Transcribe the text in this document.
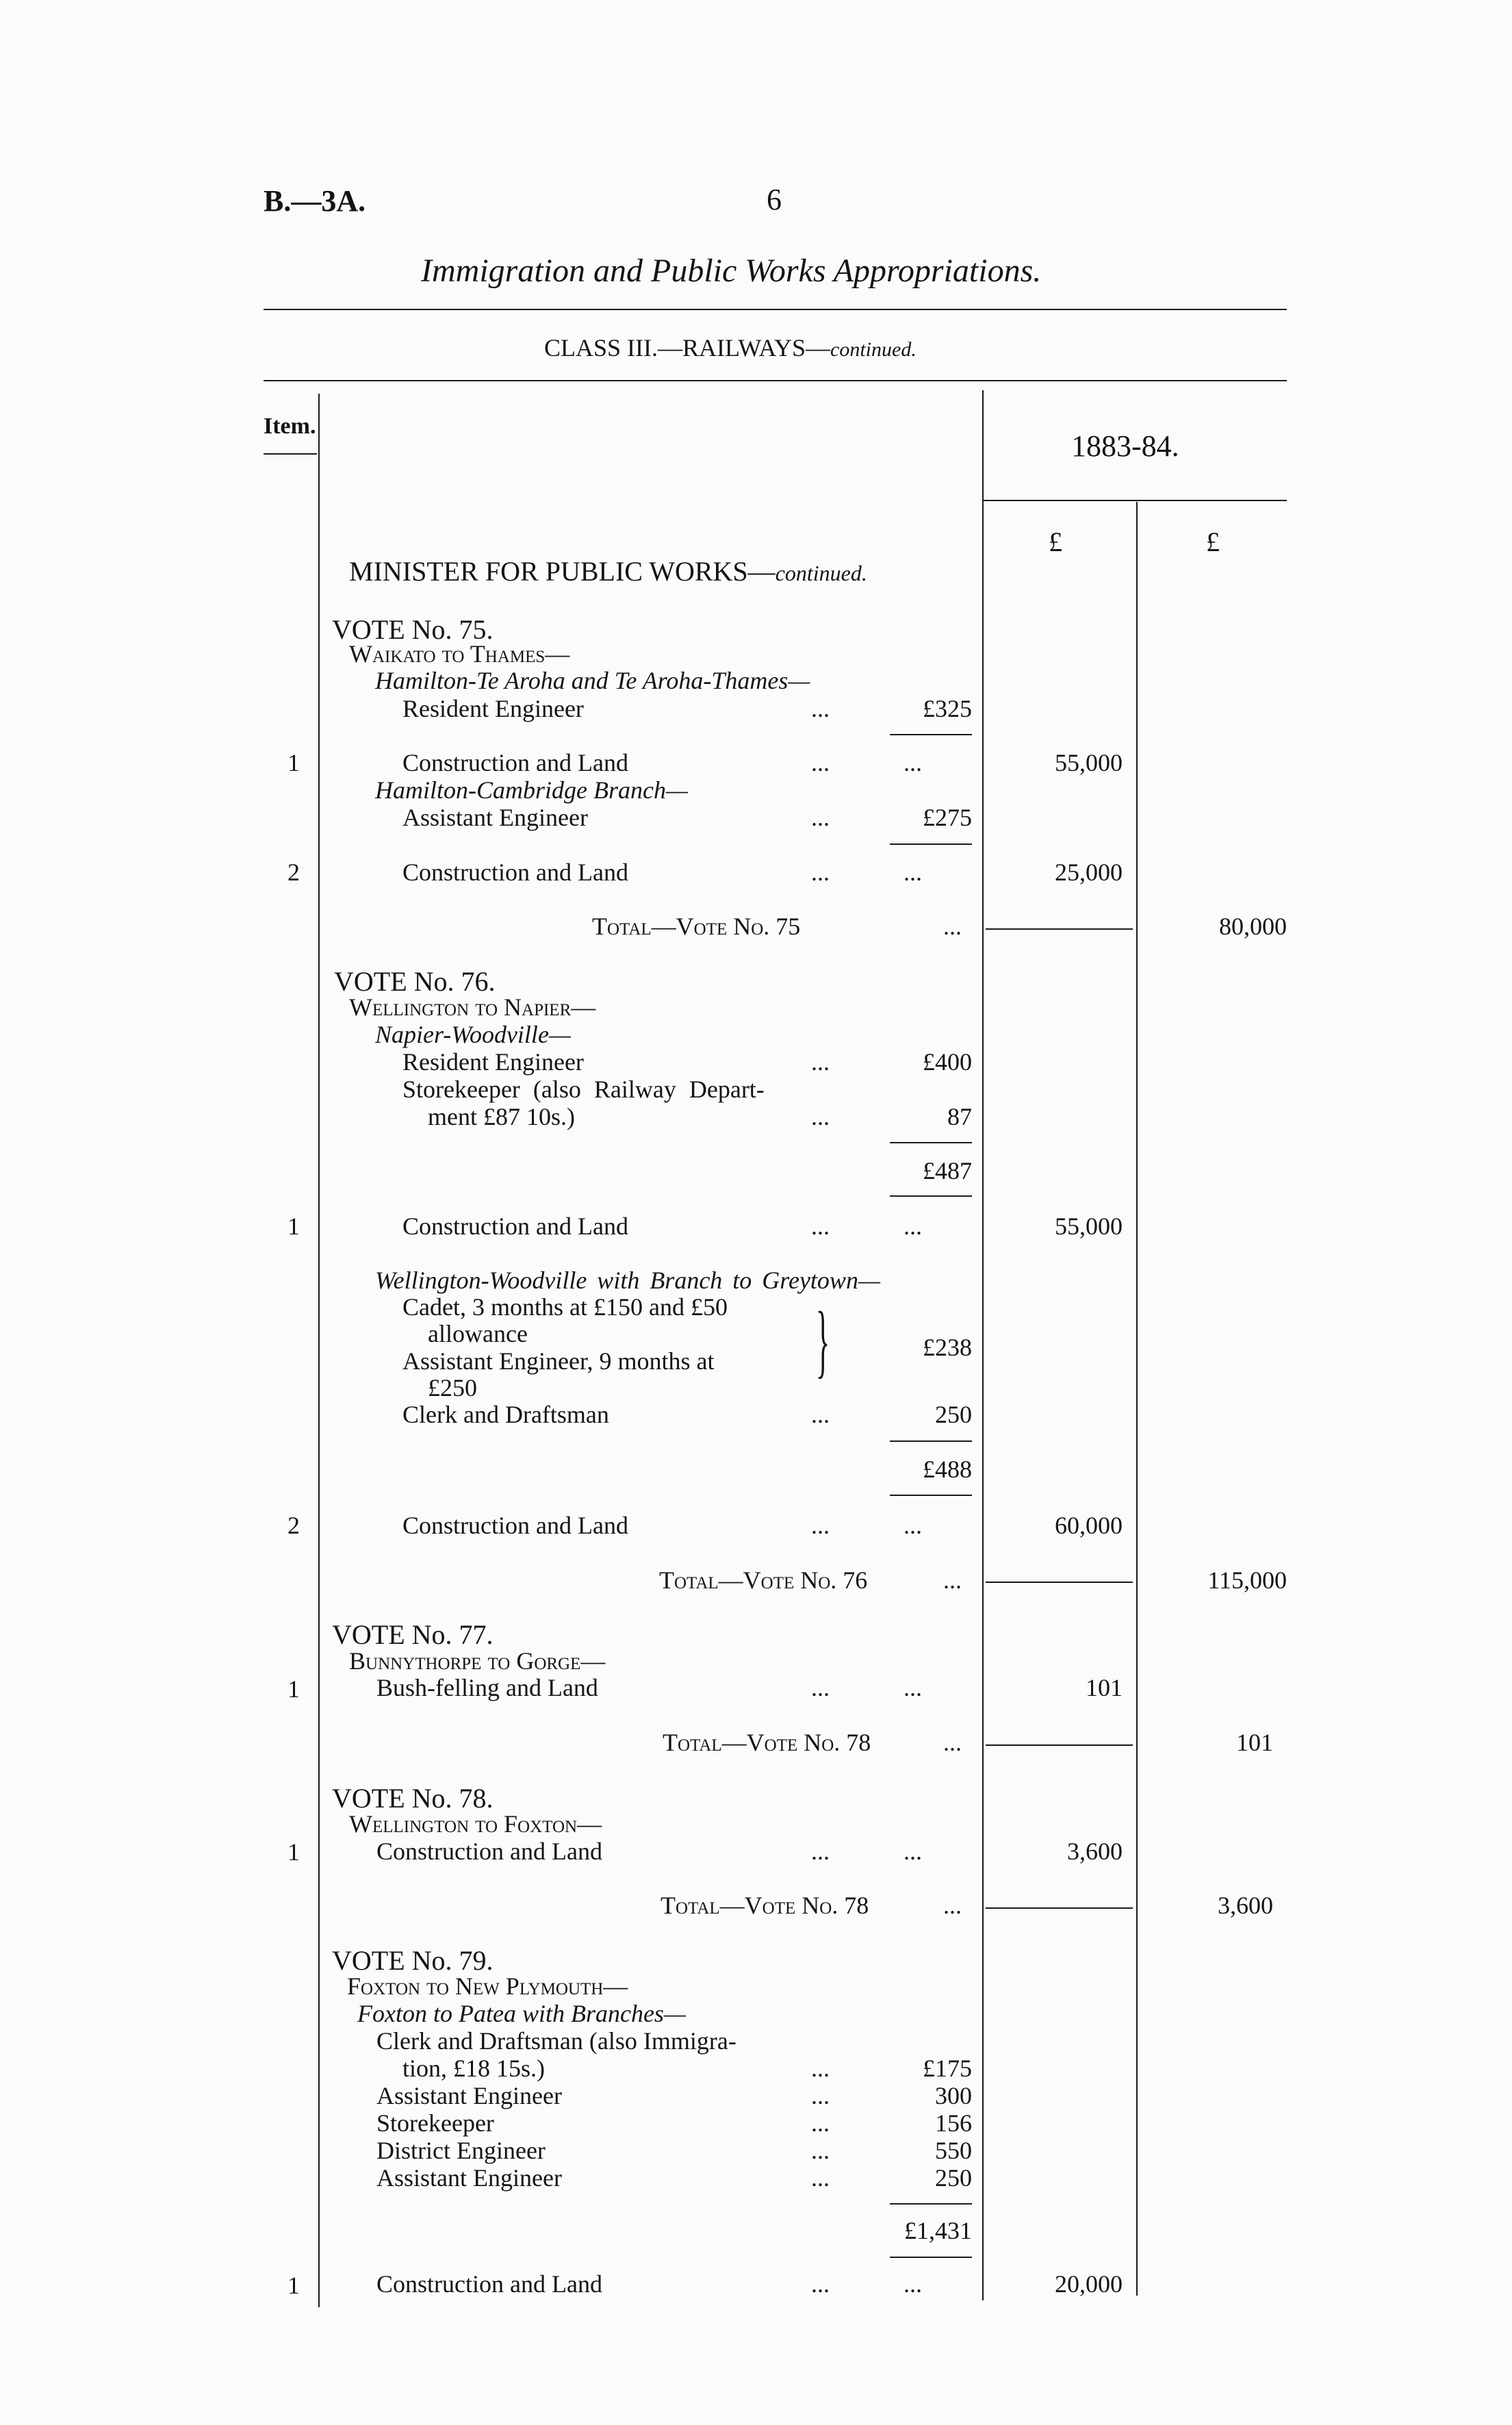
B.—3A.	6
Immigration and Public Works Appropriations.
CLASS III.—RAILWAYS—continued.
Item.
1883-84.
£	£
MINISTER FOR PUBLIC WORKS—continued.
VOTE No. 75.
Waikato to Thames—
Hamilton-Te Aroha and Te Aroha-Thames—
Resident Engineer	...	£325
1	Construction and Land	...            ...	55,000
Hamilton-Cambridge Branch—
Assistant Engineer	...	£275
2	Construction and Land	...            ...	25,000
Total—Vote No. 75	...	80,000
VOTE No. 76.
Wellington to Napier—
Napier-Woodville—
Resident Engineer	...	£400
Storekeeper (also Railway Depart-
ment £87 10s.)	...	87
£487
1	Construction and Land	...            ...	55,000
Wellington-Woodville with Branch to Greytown—
Cadet, 3 months at £150 and £50
allowance
Assistant Engineer, 9 months at
£250
}	£238
Clerk and Draftsman	...	250
£488
2	Construction and Land	...            ...	60,000
Total—Vote No. 76	...	115,000
VOTE No. 77.
Bunnythorpe to Gorge—
1	Bush-felling and Land	...            ...	101
Total—Vote No. 78	...	101
VOTE No. 78.
Wellington to Foxton—
1	Construction and Land	...            ...	3,600
Total—Vote No. 78	...	3,600
VOTE No. 79.
Foxton to New Plymouth—
Foxton to Patea with Branches—
Clerk and Draftsman (also Immigra-
tion, £18 15s.)	...	£175
Assistant Engineer	...	300
Storekeeper	...	156
District Engineer	...	550
Assistant Engineer	...	250
£1,431
1	Construction and Land	...            ...	20,000
